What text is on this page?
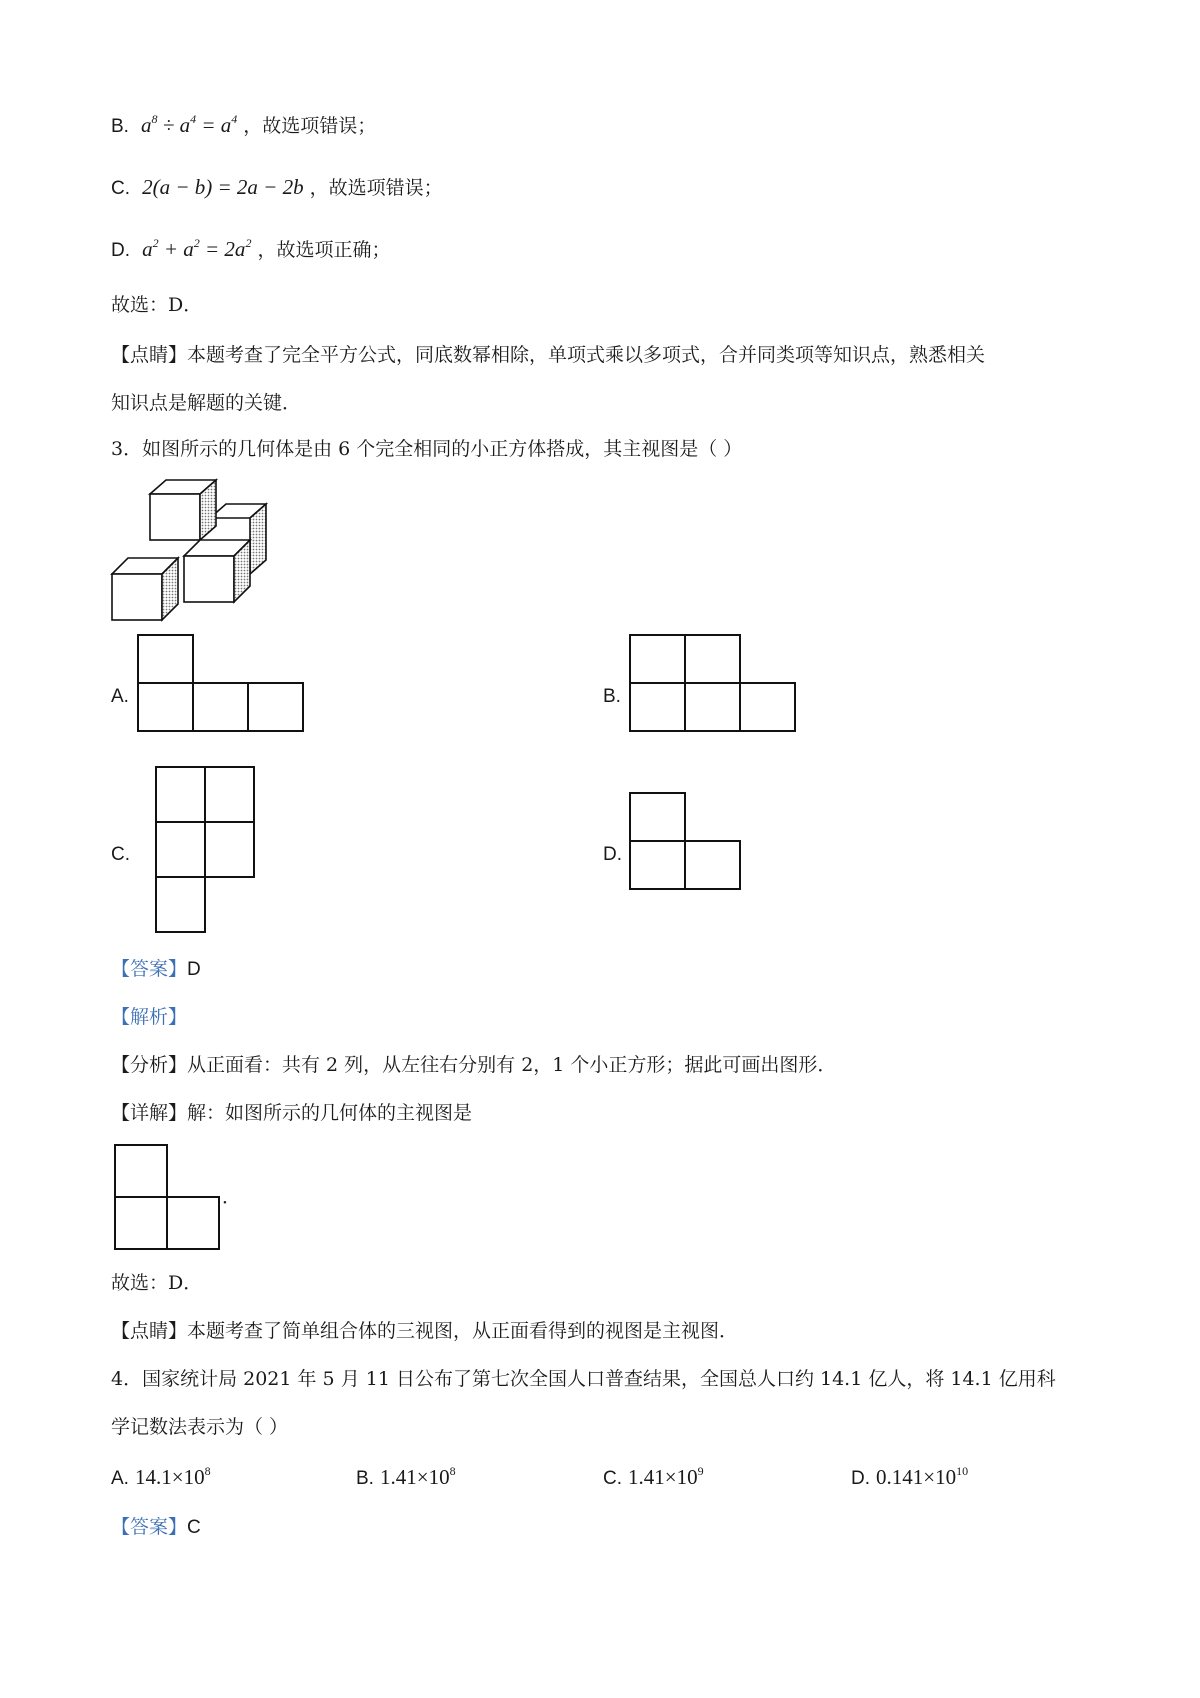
B. $a^8 \div a^4 = a^4$ ，故选项错误；
C. 2(a − b) = 2a − 2b ，故选项错误；
D. $a^2 + a^2 = 2a^2$ ，故选项正确；
故选：D．
【点睛】本题考查了完全平方公式，同底数幂相除，单项式乘以多项式，合并同类项等知识点，熟悉相关
知识点是解题的关键．
3．如图所示的几何体是由 6 个完全相同的小正方体搭成，其主视图是（ ）
A.	B.
C.	D.
【答案】D
【解析】
【分析】从正面看：共有 2 列，从左往右分别有 2，1 个小正方形；据此可画出图形．
【详解】解：如图所示的几何体的主视图是
．
故选：D．
【点睛】本题考查了简单组合体的三视图，从正面看得到的视图是主视图．
4．国家统计局 2021 年 5 月 11 日公布了第七次全国人口普查结果，全国总人口约 14.1 亿人，将 14.1 亿用科
学记数法表示为（ ）
A. $14.1\times 10^8$	B. $1.41\times 10^8$	C. $1.41\times 10^9$	D. $0.141\times 10^{10}$
【答案】C
